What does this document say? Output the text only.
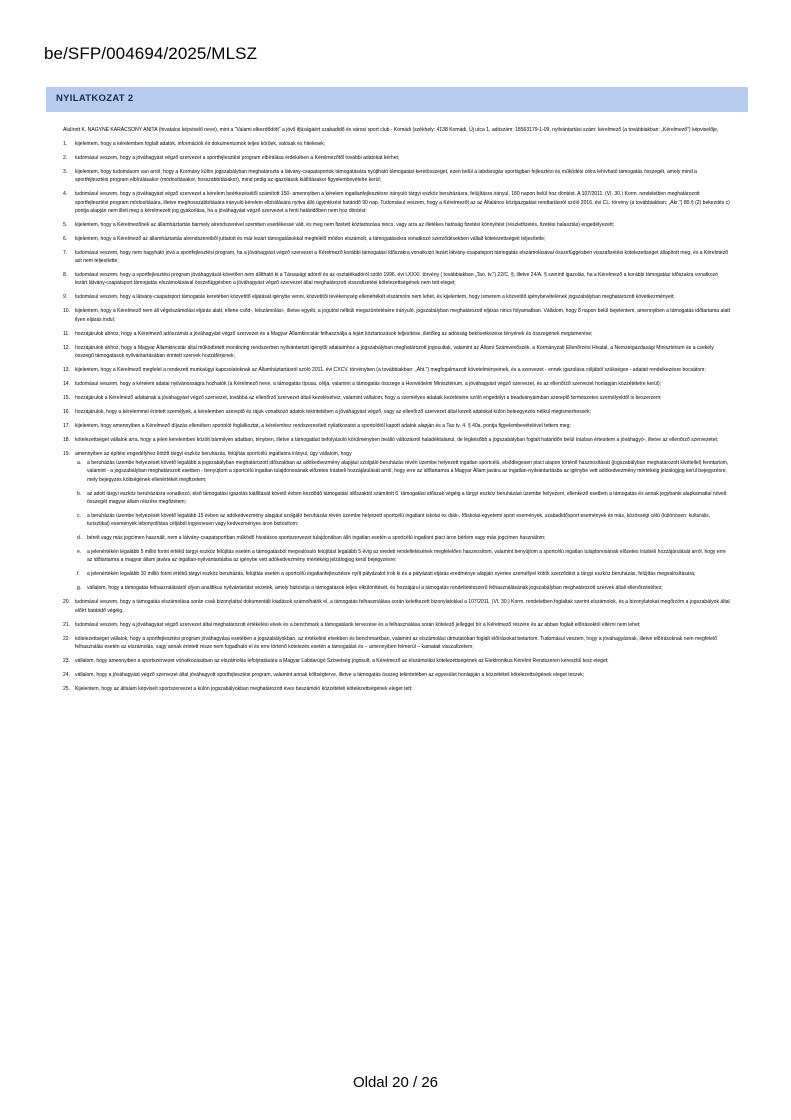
be/SFP/004694/2025/MLSZ
NYILATKOZAT 2

Alulírott K. NAGYNÉ KARÁCSONY ANITA (hivatalos képviselő neve), mint a "Valami elkezdődött" a jövő ifjúságáért szabadidő és városi sport club - Komádi (székhely: 4138 Komádi, Új utca 1, adószám: 18563179-1-09, nyilvántartási szám: kérelmező (a továbbiakban: „Kérelmező") képviselője,

1. kijelentem, hogy a kérelemben foglalt adatok, információk és dokumentumok teljes körűek, valósak és hitelesek;
2. tudomásul veszem, hogy a jóváhagyást végző szervezet a sportfejlesztési program elbírálása érdekében a Kérelmezőtől további adatokat kérhet;
3. kijelentem, hogy tudomásom van arról, hogy a Kormány külön jogszabályban meghatározta a látvány-csapatsportok támogatására nyújtható támogatási keretösszeget, ezen belül a labdarúgás sportágban fejlesztési és működési célra lehívható támogatás összegét, amely mind a sportfejlesztési program elbírálásakor (módosításakor, hosszabbításakor), mind pedig az igazolások kiállításakor figyelembevételre kerül;
4. tudomásul veszem, hogy a jóváhagyást végző szervezet a kérelem beérkezésétől számított 150- amennyiben a kérelem ingatlanfejlesztésre irányuló tárgyi eszköz beruházásra, felújításra irányul, 180 napon belül hoz döntést. A 107/2011. (VI. 30.) Korm. rendeletben meghatározott sportfejlesztési program módosítására, illetve meghosszabbítására irányuló kérelem elbírálására nyitva álló ügyintézési határidő 90 nap. Tudomásul veszem, hogy a Kérelmezőt az az Általános közigazgatási rendtartásról szóló 2016. évi CL. törvény (a továbbiakban: „Ákr.") 80.§ (2) bekezdés c) pontja alapján nem illeti meg a kérelmezett jog gyakorlása, ha a jóváhagyást végző szervezet a fenti határidőben nem hoz döntést;
5. kijelentem, hogy a Kérelmezőnek az államháztartás bármely alrendszerével szemben esedékessé vált, és meg nem fizetett köztartozása nincs, vagy arra az illetékes hatóság fizetési könnyítést (részletfizetés, fizetési halasztás) engedélyezett;
6. kijelentem, hogy a Kérelmező az államháztartás alrendszereiből juttatott és már lezárt támogatásokkal megfelelő módon elszámolt, a támogatásokra vonatkozó szerződésekben vállalt kötelezettségeit teljesítette;
7. tudomásul veszem, hogy nem hagyható jóvá a sportfejlesztési program, ha a jóváhagyást végző szervezet a Kérelmező korábbi támogatási időszakra vonatkozó lezárt látvány-csapatsport támogatás elszámolásával összefüggésben visszafizetési kötelezettséget állapított meg, és a Kérelmező azt nem teljesítette;
8. tudomásul veszem, hogy a sportfejlesztési program jóváhagyását követően nem állítható ki a Társasági adóról és az osztalékadóról szóló 1996. évi LXXXI. törvény ( továbbiakban „Tao. tv.") 22/C. §, illetve 24/A. § szerinti igazolás, ha a Kérelmező a korábbi támogatási időszakra vonatkozó lezárt látvány-csapatsport támogatás elszámolásával összefüggésben a jóváhagyást végző szervezet által meghatározott visszafizetési kötelezettségének nem tett eleget;
9. tudomásul veszem, hogy a látvány-csapatsport támogatás keretében közvetítő eljárását igénybe venni, közvetítői tevékenység ellenértékét elszámolni nem lehet, és kijelentem, hogy ismerem a közvetítő igénybevételének jogszabályban meghatározott következményeit;
10. kijelentem, hogy a Kérelmező nem áll végelszámolási eljárás alatt, ellene csőd-, felszámolási-, illetve egyéb, a jogutód nélküli megszüntetésére irányuló, jogszabályban meghatározott eljárás nincs folyamatban. Vállalom, hogy 8 napon belül bejelentem, amennyiben a támogatás időtartama alatt ilyen eljárás indul;
11. hozzájárulok ahhoz, hogy a Kérelmező adószámát a jóváhagyást végző szervezet és a Magyar Államkincstár felhasználja a lejárt köztartozások teljesítése, illetőleg az adósság bekövetkezése tényének és összegének megismerése;
12. hozzájárulok ahhoz, hogy a Magyar Államkincstár által működtetett monitoring rendszerben nyilvántartott igénylői adataimhoz a jogszabályban meghatározott jogosultak, valamint az Állami Számvevőszék, a Kormányzati Ellenőrzési Hivatal, a Nemzetgazdasági Minisztérium és a csekély összegű támogatások nyilvántartásában érintett szervek hozzáférjenek;
13. kijelentem, hogy a Kérelmező megfelel a rendezett munkaügyi kapcsolatoknak az Államháztartásról szóló 2011. évi CXCV. törvényben (a továbbiakban: „Áht.") megfogalmazott követelményeinek, és a szervezet - ennek igazolása céljából szükséges - adatait rendelkezésre bocsátom;
14. tudomásul veszem, hogy a kérelem adatai nyilvánosságra hozhatók (a Kérelmező neve, a támogatás típusa, célja, valamint a támogatás összege a Honvédelmi Minisztérium, a jóváhagyást végző szervezet, és az ellenőrző szervezet honlapján közzétételre kerül);
15. hozzájárulok a Kérelmező adatainak a jóváhagyást végző szervezet, továbbá az ellenőrző szervezet általi kezeléséhez, valamint vállalom, hogy a személyes adataik kezelésére szóló engedélyt a beadványaimban szereplő természetes személyektől is beszerzem;
16. hozzájárulok, hogy a kérelemmel érintett személyek, a kérelemben szereplő és rájuk vonatkozó adatok tekintetében a jóváhagyást végző, vagy az ellenőrző szervezet által kezelt adatokat külön beleegyezés nélkül megismerhessék;
17. kijelentem, hogy amennyiben a Kérelmező díjazás ellenében sportolót foglalkoztat, a kérelemhez rendszeresített nyilatkozatot a sportolótól kapott adatok alapján és a Tao tv. 4. § 40a. pontja figyelembevételével tettem meg;
18. kötelezettséget vállalok arra, hogy a jelen kérelemben közölt bármilyen adatban, tényben, illetve a támogatást befolyásoló körülményben beálló változásról haladéktalanul, de legkésőbb a jogszabályban foglalt határidőn belül írásban értesítem a jóváhagyó-, illetve az ellenőrző szervezetet;
19. amennyiben az építési engedélyhez kötött tárgyi eszköz beruházás, felújítás sportcélú ingatlanra irányul, úgy vállalom, hogy
a. a beruházás üzembe helyezését követő legalább a jogszabályban meghatározott időszakban az adókedvezmény alapjául szolgáló beruházás révén üzembe helyezett ingatlan sportcélú, elsődlegesen piaci alapon történő hasznosítását (jogszabályban meghatározott kivétellel) fenntartom, valamint - a jogszabályban meghatározott esetben - benyújtom a sportcélú ingatlan tulajdonosának előzetes írásbeli hozzájárulását arról, hogy erre az időtartamra a Magyar Állam javára az ingatlan-nyilvántartásba az igénybe vett adókedvezmény mértékéig jelzálogjog kerül bejegyzésre, mely bejegyzés költségének ellenértékét megfizetem;
b. az adott tárgyi eszköz beruházásra vonatkozó, első támogatási igazolás kiállítását követő évben kezdődő támogatási időszaktól számított 6. támogatási időszak végéig a tárgyi eszköz beruházást üzembe helyezem, ellenkező esetben a támogatás és annak jegybanki alapkamattal növelt összegét magyar állam részére megfizetem;
c. a beruházás üzembe helyezését követő legalább 15 évben az adókedvezmény alapjául szolgáló beruházás révén üzembe helyezett sportcélú ingatlant iskolai és diák-, főiskolai-egyetemi sport események, szabadidősport események és más, közösségi célú (különösen: kulturális, turisztikai) események lebonyolítása céljából ingyenesen vagy kedvezményes áron biztosítom;
d. bérelt vagy más jogcímen használt, nem a látvány-csapatsportban működő hivatásos sportszervezet tulajdonában álló ingatlan esetén a sportcélú ingatlant piaci áron bérlem vagy más jogcímen használom;
e. a jelenértékén legalább 5 millió forint értékű tárgyi eszköz felújítás esetén a támogatásból megvalósuló felújítást legalább 5 évig az eredeti rendeltetésének megfelelően hasznosítom, valamint benyújtom a sportcélú ingatlan tulajdonosának előzetes írásbeli hozzájárulását arról, hogy erre az időtartamra a magyar állam javára az ingatlan-nyilvántartásba az igénybe vett adókedvezmény mértékéig jelzálogjog kerül bejegyzésre;
f. a jelenértékén legalább 10 millió forint értékű tárgyi eszköz beruházás, felújítás esetén a sportcélú ingatlanfejlesztésre nyílt pályázatot írok ki és a pályázati eljárás eredménye alapján nyertes személlyel kötök szerződést a tárgyi eszköz beruházás, felújítás megvalósítására;
g. vállalom, hogy a támogatás felhasználásáról olyan analitikus nyilvántartást vezetek, amely biztosítja a támogatások teljes elkülönítését, és hozzájárul a támogatás rendeltetésszerű felhasználásának jogszabályban meghatározott szervek általi ellenőrzéséhez;
20. tudomásul veszem, hogy a támogatás elszámolása során csak bizonylattal dokumentált kiadások számolhatók el, a támogatás felhasználása során keletkezett bizonylatokkal a 107/2011. (VI. 30.) Korm. rendeletben foglaltak szerint elszámolok, és a bizonylatokat megőrzöm a jogszabályok által előírt határidő végéig.
21. tudomásul veszem, hogy a jóváhagyást végző szervezet által meghatározott értékelési elvek és a benchmark a támogatások tervezése és a felhasználása során kötelező jelleggel bír a Kérelmező részére és az abban foglalt előírásoktól eltérni nem lehet;
22. kötelezettséget vállalok, hogy a sportfejlesztési program jóváhagyása esetében a jogszabályokban, az értékelési elvekben és benchmarkban, valamint az elszámolási útmutatóban foglalt előírásokat betartom. Tudomásul veszem, hogy a jóváhagyásnak, illetve előírásoknak nem megfelelő felhasználás esetén az elszámolás, vagy annak érintett része nem fogadható el és erre történő kötelezés esetén a támogatást és – amennyiben felmerül – kamatait visszafizetem;
23. vállalom, hogy amennyiben a sportszervezet vonatkozásában az elszámolás lefolytatására a Magyar Labdarúgó Szövetség jogosult, a Kérelmező az elszámolási kötelezettségének az Elektronikus Kérelmi Rendszeren keresztül tesz eleget;
24. vállalom, hogy a jóváhagyást végző szervezet által jóváhagyott sportfejlesztési program, valamint annak költségterve, illetve a támogatás összeg tekintetében az egyesület honlapján a közzétételi kötelezettségének eleget teszek;
25. Kijelentem, hogy az általam képviselt sportszervezet a külön jogszabályokban meghatározott éves beszámoló közzétételi kötelezettségének eleget tett;
Oldal 20 / 26
